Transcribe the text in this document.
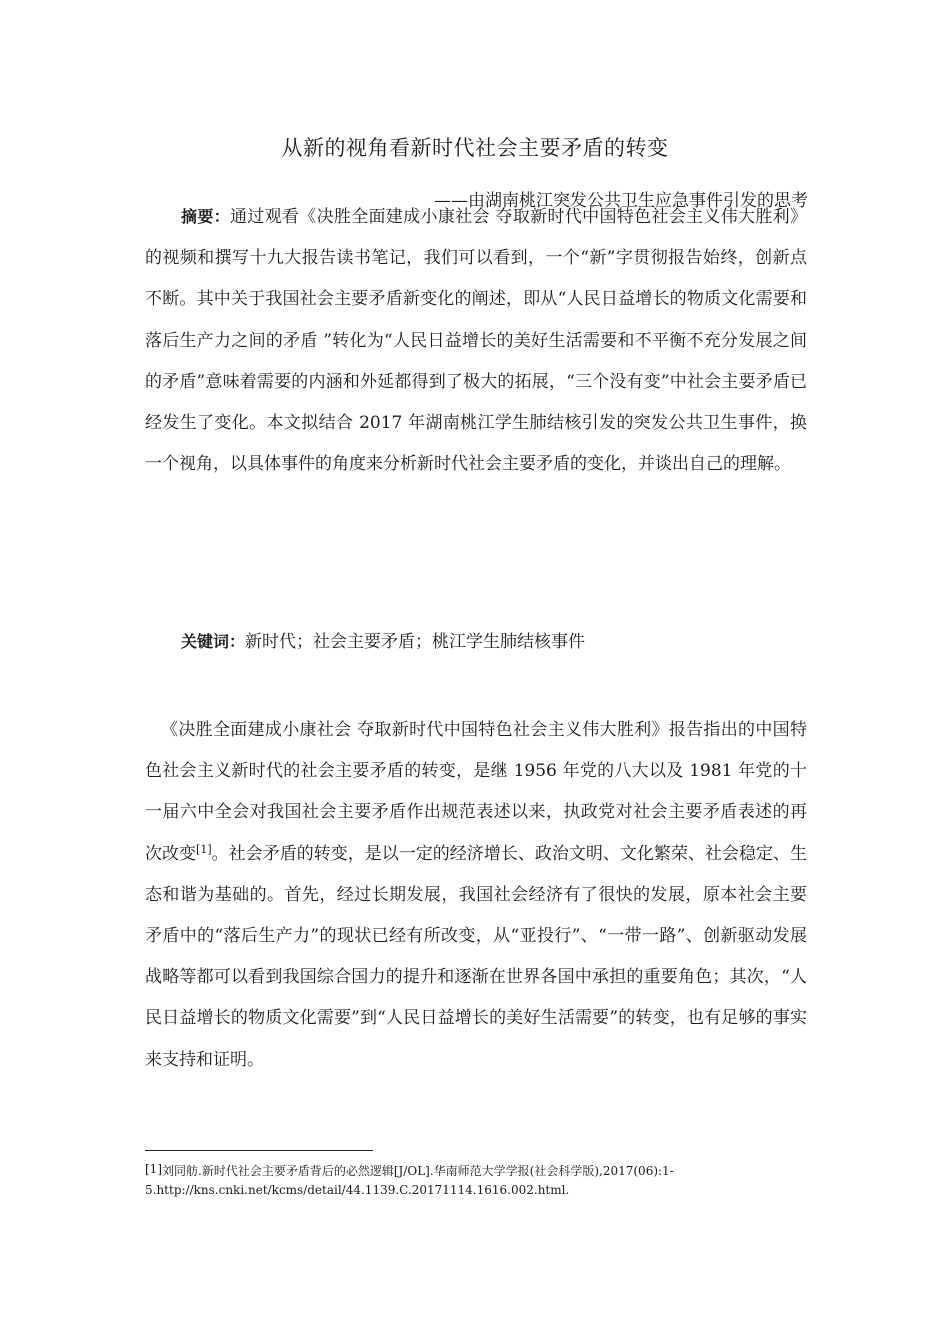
从新的视角看新时代社会主要矛盾的转变
——由湖南桃江突发公共卫生应急事件引发的思考
摘要：通过观看《决胜全面建成小康社会 夺取新时代中国特色社会主义伟大胜利》的视频和撰写十九大报告读书笔记，我们可以看到，一个“新”字贯彻报告始终，创新点不断。其中关于我国社会主要矛盾新变化的阐述，即从“人民日益增长的物质文化需要和落后生产力之间的矛盾 ”转化为“人民日益增长的美好生活需要和不平衡不充分发展之间的矛盾”意味着需要的内涵和外延都得到了极大的拓展，“三个没有变”中社会主要矛盾已经发生了变化。本文拟结合 2017 年湖南桃江学生肺结核引发的突发公共卫生事件，换一个视角，以具体事件的角度来分析新时代社会主要矛盾的变化，并谈出自己的理解。
关键词：新时代；社会主要矛盾；桃江学生肺结核事件
《决胜全面建成小康社会 夺取新时代中国特色社会主义伟大胜利》报告指出的中国特色社会主义新时代的社会主要矛盾的转变，是继 1956 年党的八大以及 1981 年党的十一届六中全会对我国社会主要矛盾作出规范表述以来，执政党对社会主要矛盾表述的再次改变[1]。社会矛盾的转变，是以一定的经济增长、政治文明、文化繁荣、社会稳定、生态和谐为基础的。首先，经过长期发展，我国社会经济有了很快的发展，原本社会主要矛盾中的“落后生产力”的现状已经有所改变，从“亚投行”、“一带一路”、创新驱动发展战略等都可以看到我国综合国力的提升和逐渐在世界各国中承担的重要角色；其次，“人民日益增长的物质文化需要”到“人民日益增长的美好生活需要”的转变，也有足够的事实来支持和证明。
[1]刘同舫.新时代社会主要矛盾背后的必然逻辑[J/OL].华南师范大学学报(社会科学版),2017(06):1-5.http://kns.cnki.net/kcms/detail/44.1139.C.20171114.1616.002.html.
